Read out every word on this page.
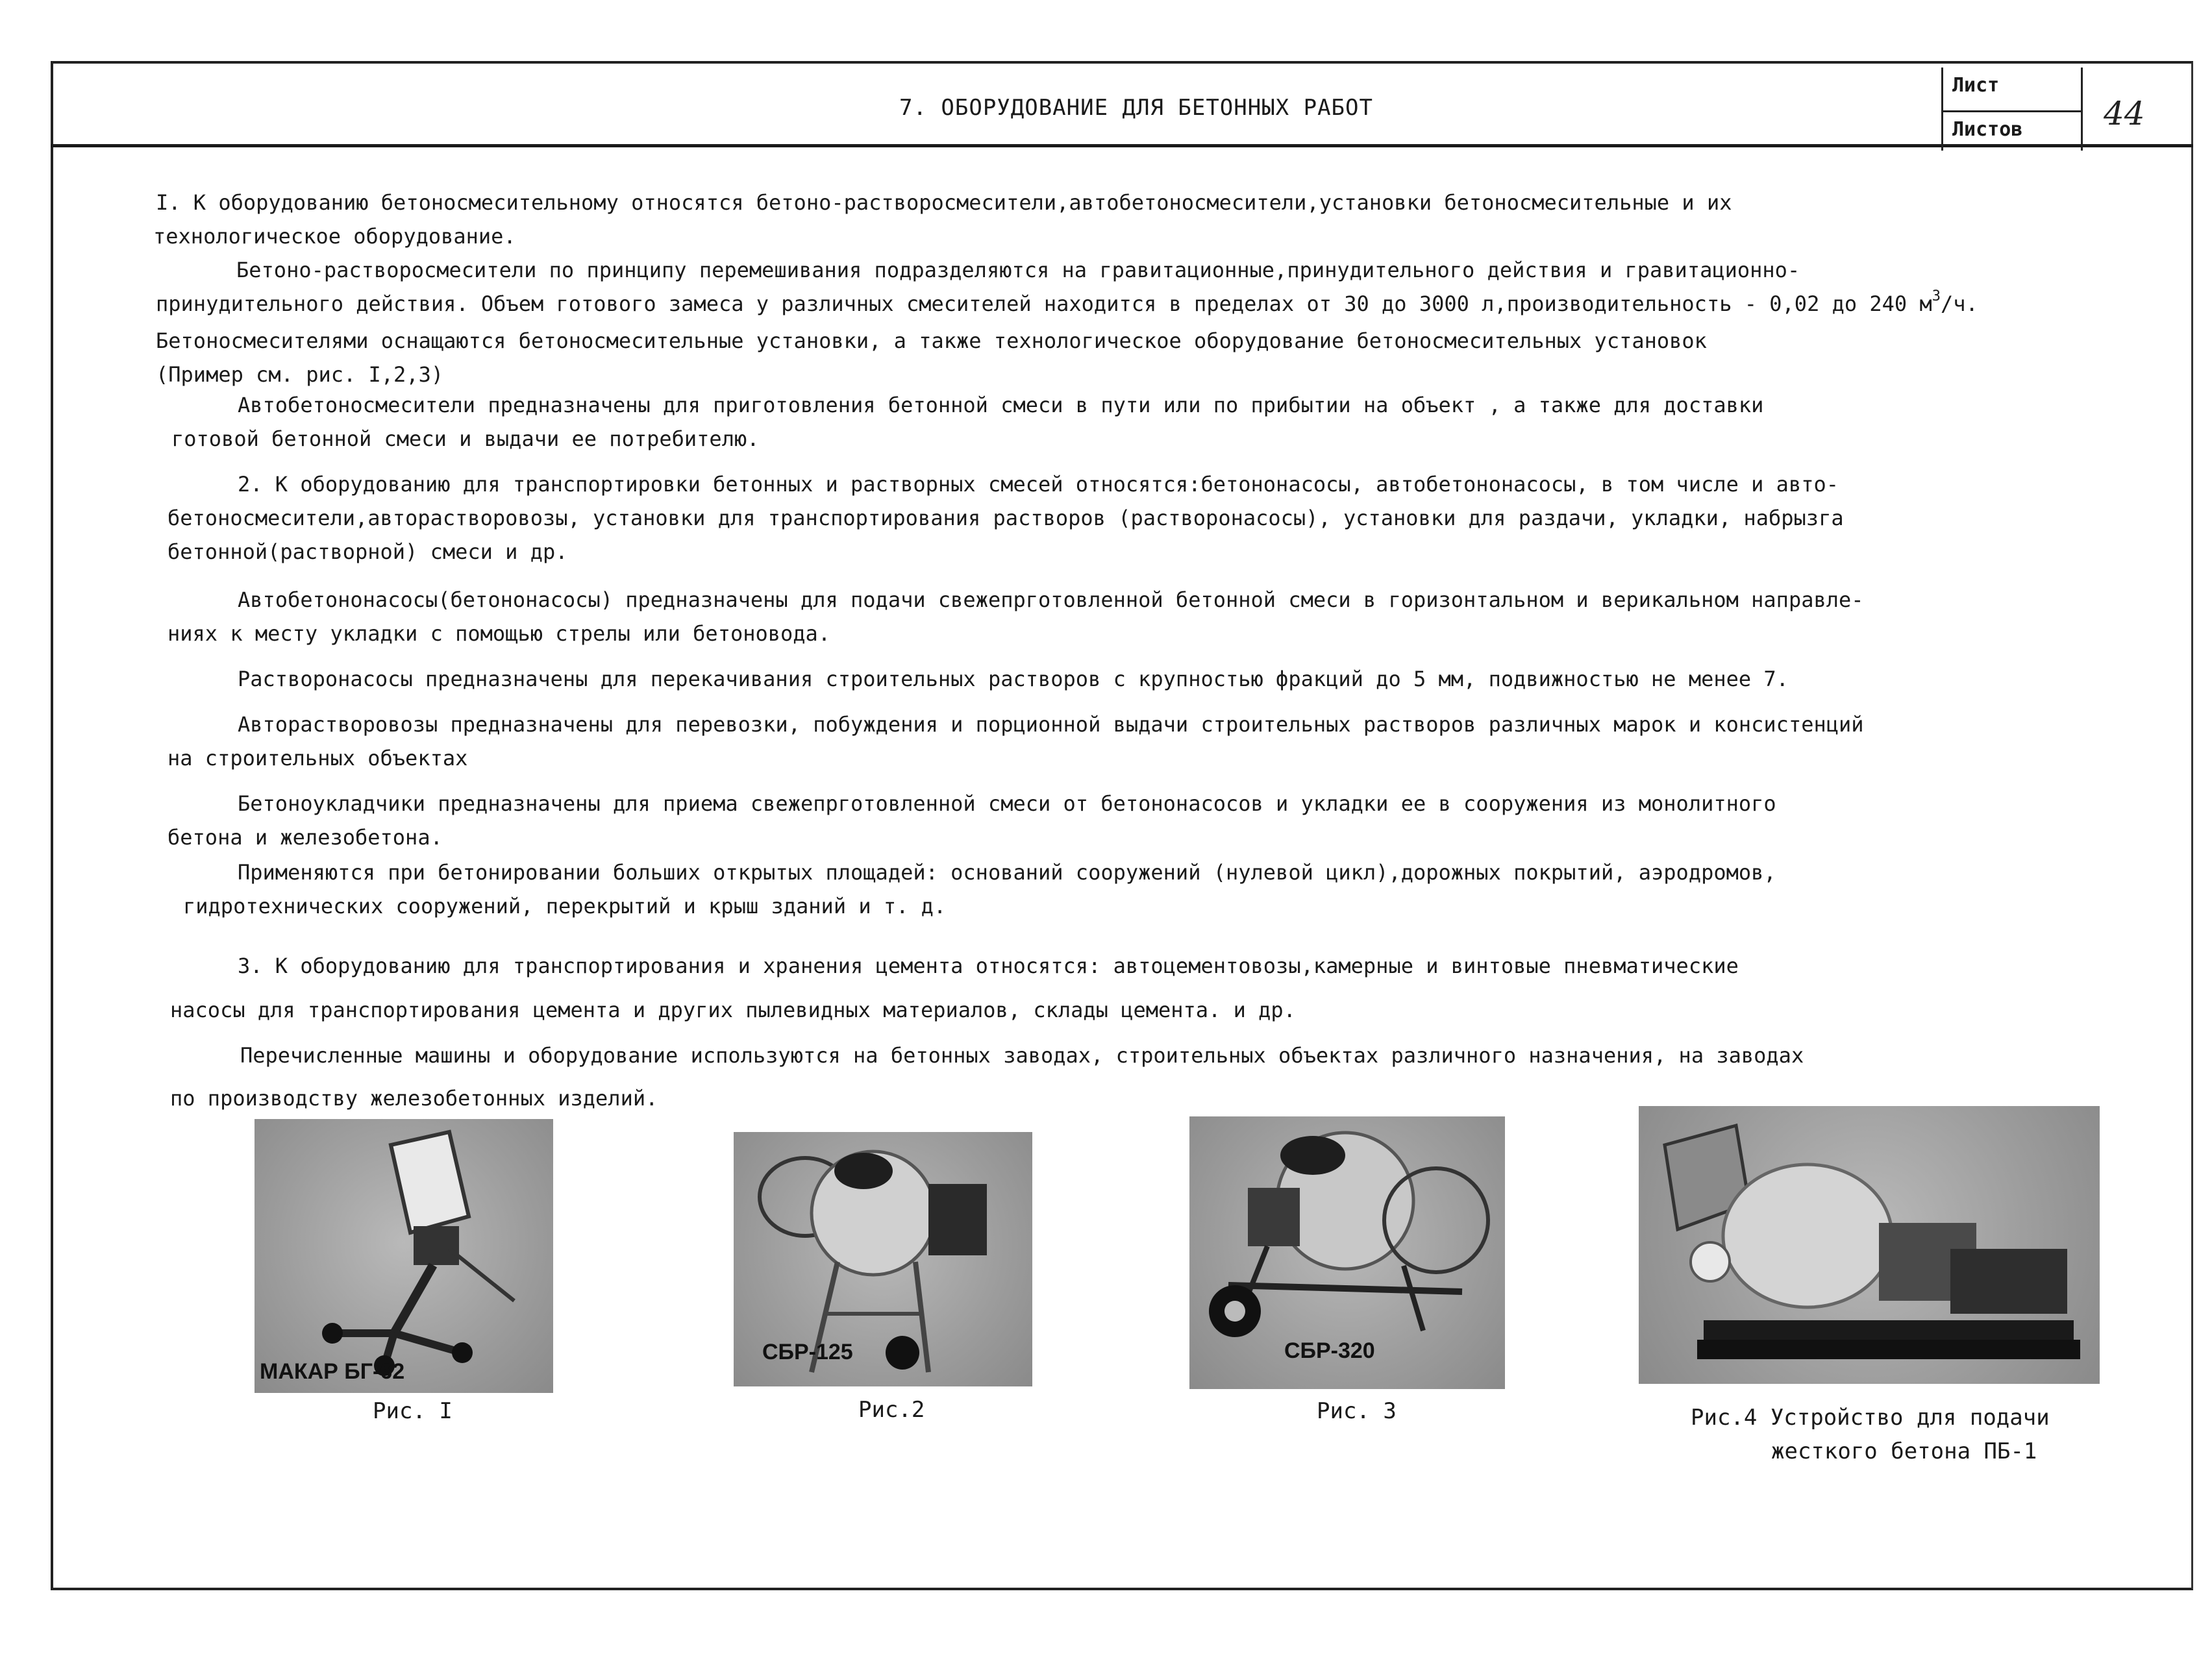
7. ОБОРУДОВАНИЕ ДЛЯ БЕТОННЫХ РАБОТ
Лист
Листов 44
I. К оборудованию бетоносмесительному относятся бетоно-растворосмесители,автобетоносмесители,установки бетоносмесительные и их
технологическое оборудование.
Бетоно-растворосмесители по принципу перемешивания подразделяются на гравитационные,принудительного действия и гравитационно-
принудительного действия. Объем готового замеса у различных смесителей находится в пределах от 30 до 3000 л,производительность - 0,02 до 240 $м^3/ч$.
Бетоносмесителями оснащаются бетоносмесительные установки, а также технологическое оборудование бетоносмесительных установок
(Пример см. рис. I,2,3)
Автобетоносмесители предназначены для приготовления бетонной смеси в пути или по прибытии на объект , а также для доставки
готовой бетонной смеси и выдачи ее потребителю.
2. К оборудованию для транспортировки бетонных и растворных смесей относятся:бетононасосы, автобетононасосы, в том числе и авто-
бетоносмесители,авторастворовозы, установки для транспортирования растворов (растворонасосы), установки для раздачи, укладки, набрызга
бетонной(растворной) смеси и др.
Автобетононасосы(бетононасосы) предназначены для подачи свежепрготовленной бетонной смеси в горизонтальном и верикальном направле-
ниях к месту укладки с помощью стрелы или бетоновода.
Растворонасосы предназначены для перекачивания строительных растворов с крупностью фракций до 5 мм, подвижностью не менее 7.
Авторастворовозы предназначены для перевозки, побуждения и порционной выдачи строительных растворов различных марок и консистенций
на строительных объектах
Бетоноукладчики предназначены для приема свежепрготовленной смеси от бетононасосов и укладки ее в сооружения из монолитного
бетона и железобетона.
Применяются при бетонировании больших открытых площадей: оснований сооружений (нулевой цикл),дорожных покрытий, аэродромов,
гидротехнических сооружений, перекрытий и крыш зданий и т. д.
3. К оборудованию для транспортирования и хранения цемента относятся: автоцементовозы,камерные и винтовые пневматические
насосы для транспортирования цемента и других пылевидных материалов, склады цемента. и др.
Перечисленные машины и оборудование используются на бетонных заводах, строительных объектах различного назначения, на заводах
по производству железобетонных изделий.
МАКАР БГ-62
Рис. I
СБР-125
Рис.2
СБР-320
Рис. 3	Рис.4 Устройство для подачи
жесткого бетона ПБ-1
